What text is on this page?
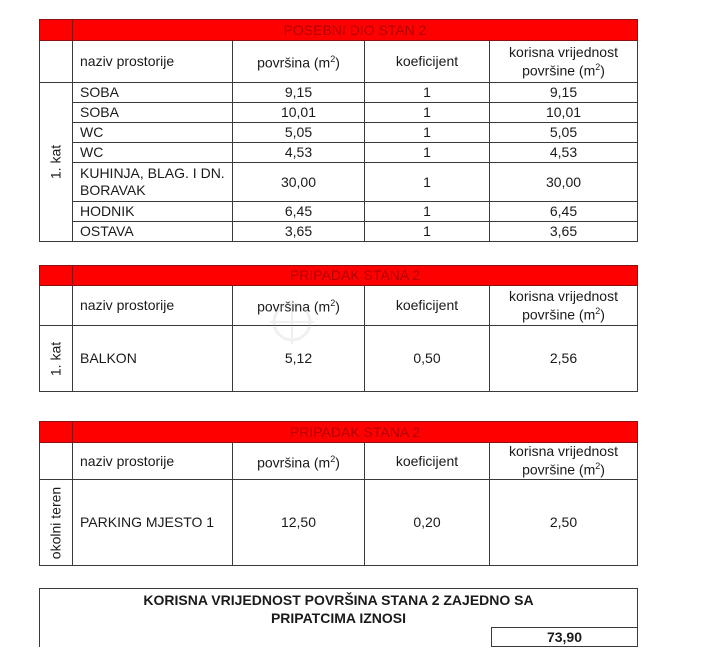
	POSEBNI DIO STAN 2			
	naziv prostorije	površina $(m^2)$	koeficijent	korisna vrijednost
površine $(m^2)$

1. kat	SOBA	9,15	1	9,15
	SOBA	10,01	1	10,01
	WC	5,05	1	5,05
	WC	4,53	1	4,53
	KUHINJA, BLAG. I DN. BORAVAK	30,00	1	30,00
	HODNIK	6,45	1	6,45
	OSTAVA	3,65	1	3,65
	PRIPADAK STANA 2			
	naziv prostorije	površina $(m^2)$	koeficijent	korisna vrijednost
površine $(m^2)$

1. kat	BALKON	5,12	0,50	2,56
	PRIPADAK STANA 2			
	naziv prostorije	površina $(m^2)$	koeficijent	korisna vrijednost
površine $(m^2)$

okolni teren	PARKING MJESTO 1	12,50	0,20	2,50
KORISNA VRIJEDNOST POVRŠINA STANA 2 ZAJEDNO SA PRIPATCIMA IZNOSI
	73,90
